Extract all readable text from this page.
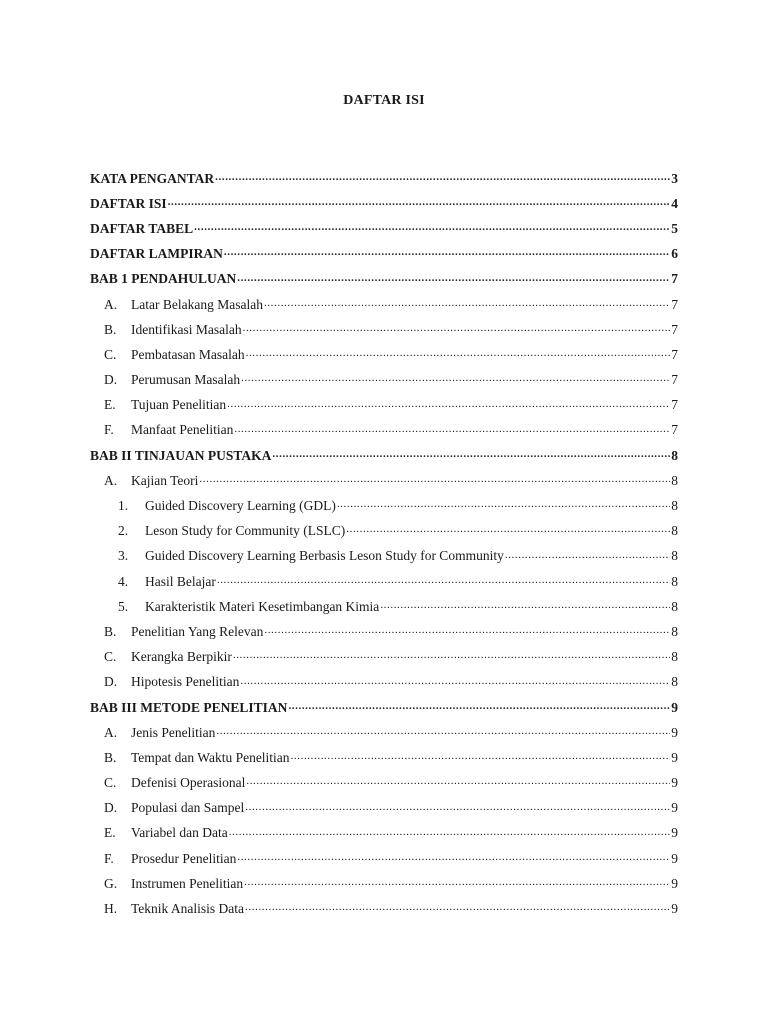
DAFTAR ISI
KATA PENGANTAR .....	3
DAFTAR ISI .....	4
DAFTAR TABEL .....	5
DAFTAR LAMPIRAN .....	6
BAB 1 PENDAHULUAN .....	7
A.	Latar Belakang Masalah .....	7
B.	Identifikasi Masalah .....	7
C.	Pembatasan Masalah .....	7
D.	Perumusan Masalah .....	7
E.	Tujuan Penelitian .....	7
F.	Manfaat Penelitian .....	7
BAB II TINJAUAN PUSTAKA .....	8
A.	Kajian Teori .....	8
1.	Guided Discovery Learning (GDL) .....	8
2.	Leson Study for Community (LSLC) .....	8
3.	Guided Discovery Learning Berbasis Leson Study for Community .....	8
4.	Hasil Belajar .....	8
5.	Karakteristik Materi Kesetimbangan Kimia .....	8
B.	Penelitian Yang Relevan .....	8
C.	Kerangka Berpikir .....	8
D.	Hipotesis Penelitian .....	8
BAB III METODE PENELITIAN .....	9
A.	Jenis Penelitian .....	9
B.	Tempat dan Waktu Penelitian .....	9
C.	Defenisi Operasional .....	9
D.	Populasi dan Sampel .....	9
E.	Variabel dan Data .....	9
F.	Prosedur Penelitian .....	9
G.	Instrumen Penelitian .....	9
H.	Teknik Analisis Data .....	9
